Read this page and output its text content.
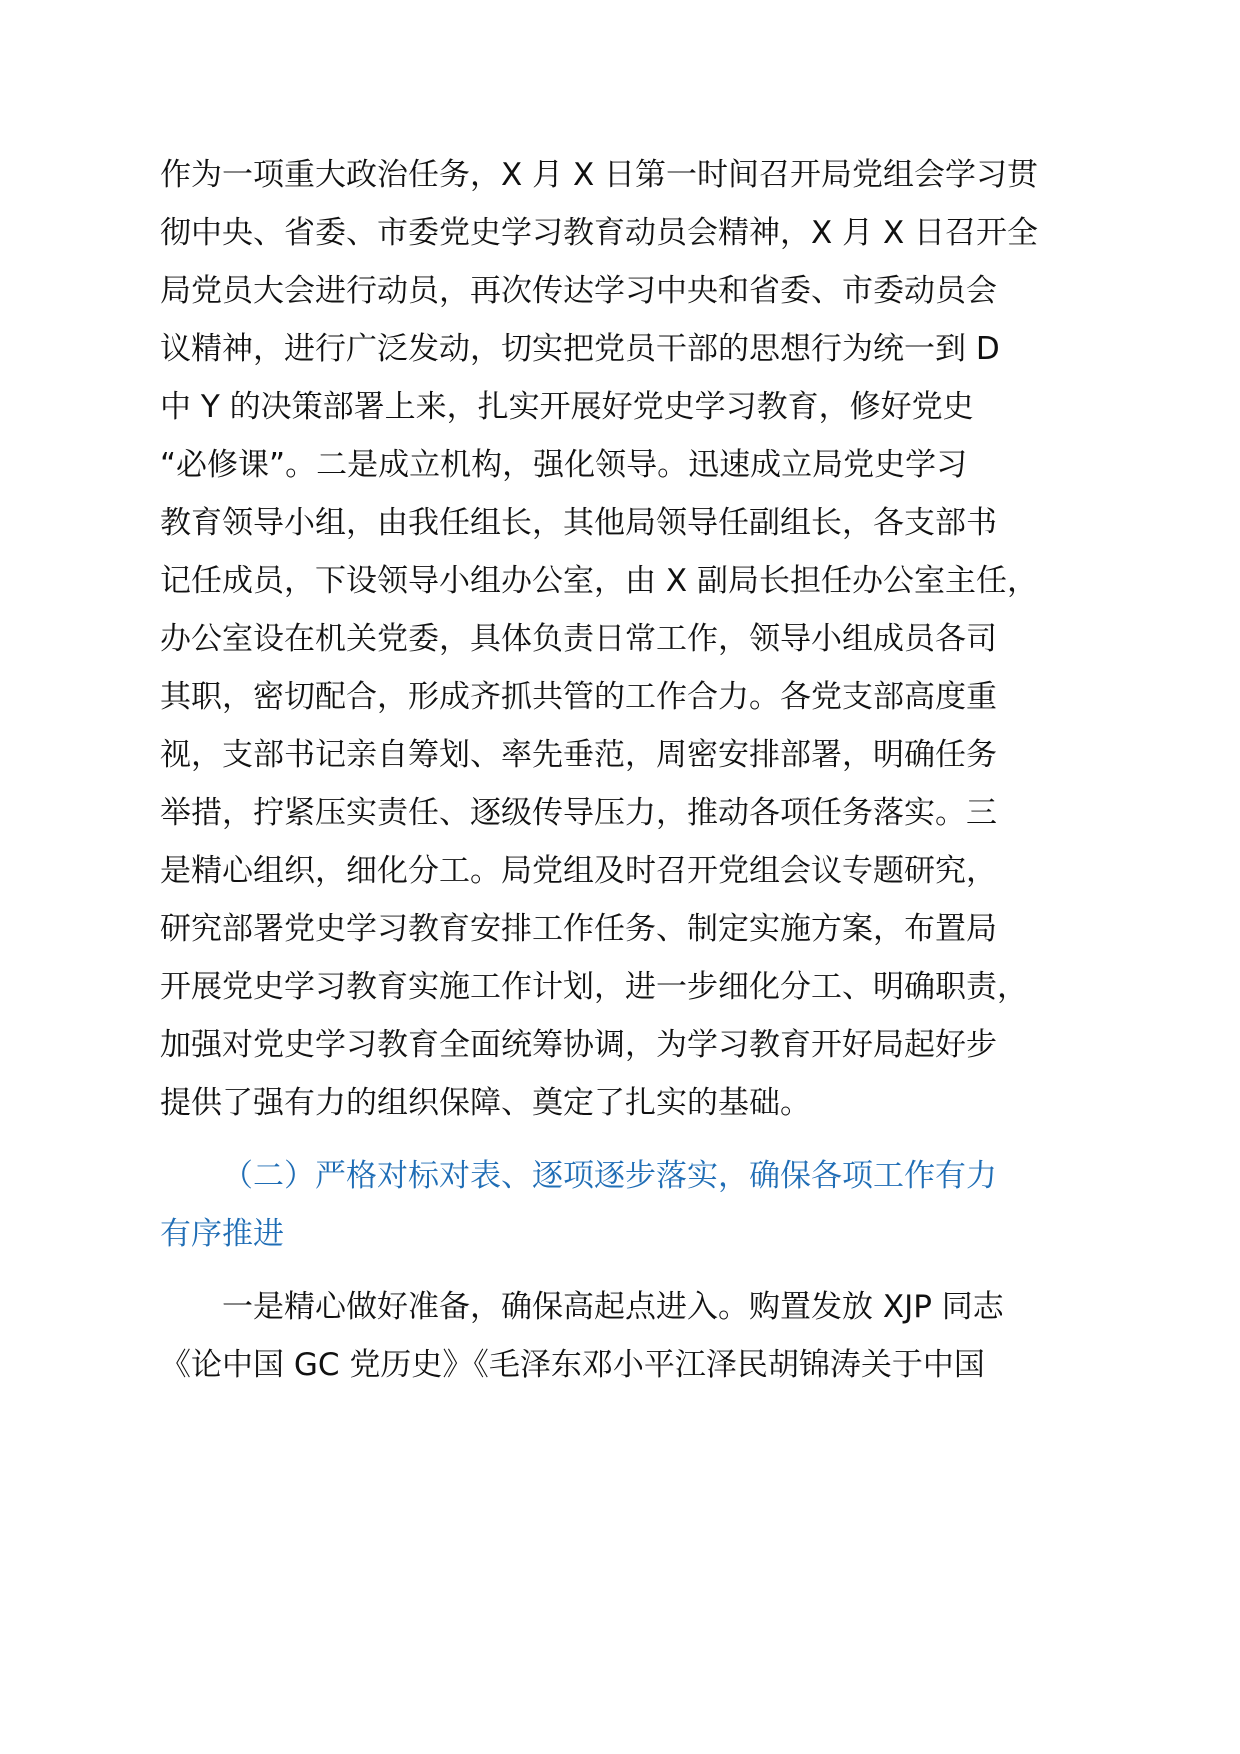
作为一项重大政治任务，X 月 X 日第一时间召开局党组会学习贯
彻中央、省委、市委党史学习教育动员会精神，X 月 X 日召开全
局党员大会进行动员，再次传达学习中央和省委、市委动员会
议精神，进行广泛发动，切实把党员干部的思想行为统一到 D
中 Y 的决策部署上来，扎实开展好党史学习教育，修好党史
“必修课”。二是成立机构，强化领导。迅速成立局党史学习
教育领导小组，由我任组长，其他局领导任副组长，各支部书
记任成员，下设领导小组办公室，由 X 副局长担任办公室主任，
办公室设在机关党委，具体负责日常工作，领导小组成员各司
其职，密切配合，形成齐抓共管的工作合力。各党支部高度重
视，支部书记亲自筹划、率先垂范，周密安排部署，明确任务
举措，拧紧压实责任、逐级传导压力，推动各项任务落实。三
是精心组织，细化分工。局党组及时召开党组会议专题研究，
研究部署党史学习教育安排工作任务、制定实施方案，布置局
开展党史学习教育实施工作计划，进一步细化分工、明确职责，
加强对党史学习教育全面统筹协调，为学习教育开好局起好步
提供了强有力的组织保障、奠定了扎实的基础。
（二）严格对标对表、逐项逐步落实，确保各项工作有力
有序推进
一是精心做好准备，确保高起点进入。购置发放 XJP 同志
《论中国 GC 党历史》《毛泽东邓小平江泽民胡锦涛关于中国
